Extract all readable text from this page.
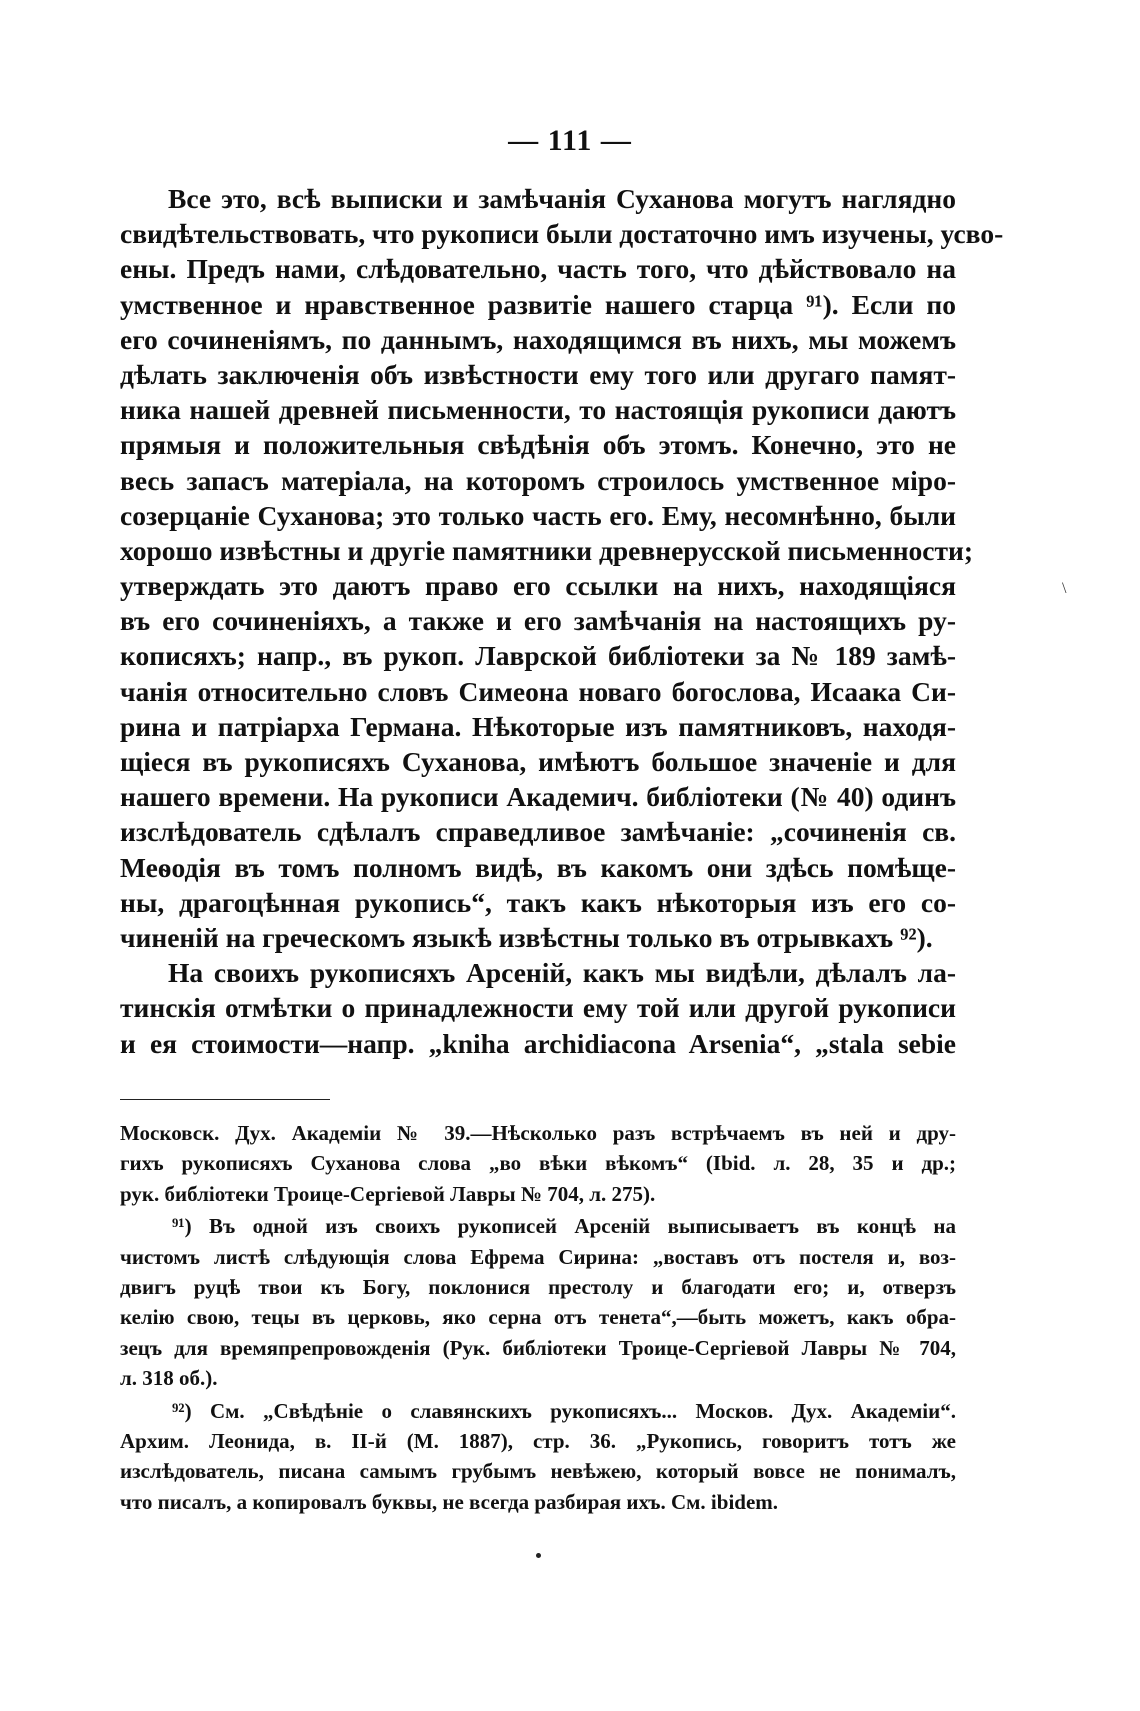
— 111 —
Все это, всѣ выписки и замѣчанія Суханова могутъ наглядно
свидѣтельствовать, что рукописи были достаточно имъ изучены, усво-
ены. Предъ нами, слѣдовательно, часть того, что дѣйствовало на
умственное и нравственное развитіе нашего старца ⁹¹). Если по
его сочиненіямъ, по даннымъ, находящимся въ нихъ, мы можемъ
дѣлать заключенія объ извѣстности ему того или другаго памят-
ника нашей древней письменности, то настоящія рукописи даютъ
прямыя и положительныя свѣдѣнія объ этомъ. Конечно, это не
весь запасъ матеріала, на которомъ строилось умственное міро-
созерцаніе Суханова; это только часть его. Ему, несомнѣнно, были
хорошо извѣстны и другіе памятники древнерусской письменности;
утверждать это даютъ право его ссылки на нихъ, находящіяся
въ его сочиненіяхъ, а также и его замѣчанія на настоящихъ ру-
кописяхъ; напр., въ рукоп. Лаврской библіотеки за № 189 замѣ-
чанія относительно словъ Симеона новаго богослова, Исаака Си-
рина и патріарха Германа. Нѣкоторые изъ памятниковъ, находя-
щіеся въ рукописяхъ Суханова, имѣютъ большое значеніе и для
нашего времени. На рукописи Академич. библіотеки (№ 40) одинъ
изслѣдователь сдѣлалъ справедливое замѣчаніе: „сочиненія св.
Меѳодія въ томъ полномъ видѣ, въ какомъ они здѣсь помѣще-
ны, драгоцѣнная рукопись“, такъ какъ нѣкоторыя изъ его со-
чиненій на греческомъ языкѣ извѣстны только въ отрывкахъ ⁹²).
На своихъ рукописяхъ Арсеній, какъ мы видѣли, дѣлалъ ла-
тинскія отмѣтки о принадлежности ему той или другой рукописи
и ея стоимости—напр. „kniha archidiacona Arsenia“, „stala sebie
Московск. Дух. Академіи № 39.—Нѣсколько разъ встрѣчаемъ въ ней и дру-
гихъ рукописяхъ Суханова слова „во вѣки вѣкомъ“ (Ibid. л. 28, 35 и др.;
рук. библіотеки Троице-Сергіевой Лавры № 704, л. 275).
⁹¹) Въ одной изъ своихъ рукописей Арсеній выписываетъ въ концѣ на
чистомъ листѣ слѣдующія слова Ефрема Сирина: „воставъ отъ постеля и, воз-
двигъ руцѣ твои къ Богу, поклонися престолу и благодати его; и, отверзъ
келію свою, тецы въ церковь, яко серна отъ тенета“,—быть можетъ, какъ обра-
зецъ для времяпрепровожденія (Рук. библіотеки Троице-Сергіевой Лавры № 704,
л. 318 об.).
⁹²) См. „Свѣдѣніе о славянскихъ рукописяхъ... Москов. Дух. Академіи“.
Архим. Леонида, в. II-й (М. 1887), стр. 36. „Рукопись, говоритъ тотъ же
изслѣдователь, писана самымъ грубымъ невѣжею, который вовсе не понималъ,
что писалъ, а копировалъ буквы, не всегда разбирая ихъ. См. ibidem.
\
